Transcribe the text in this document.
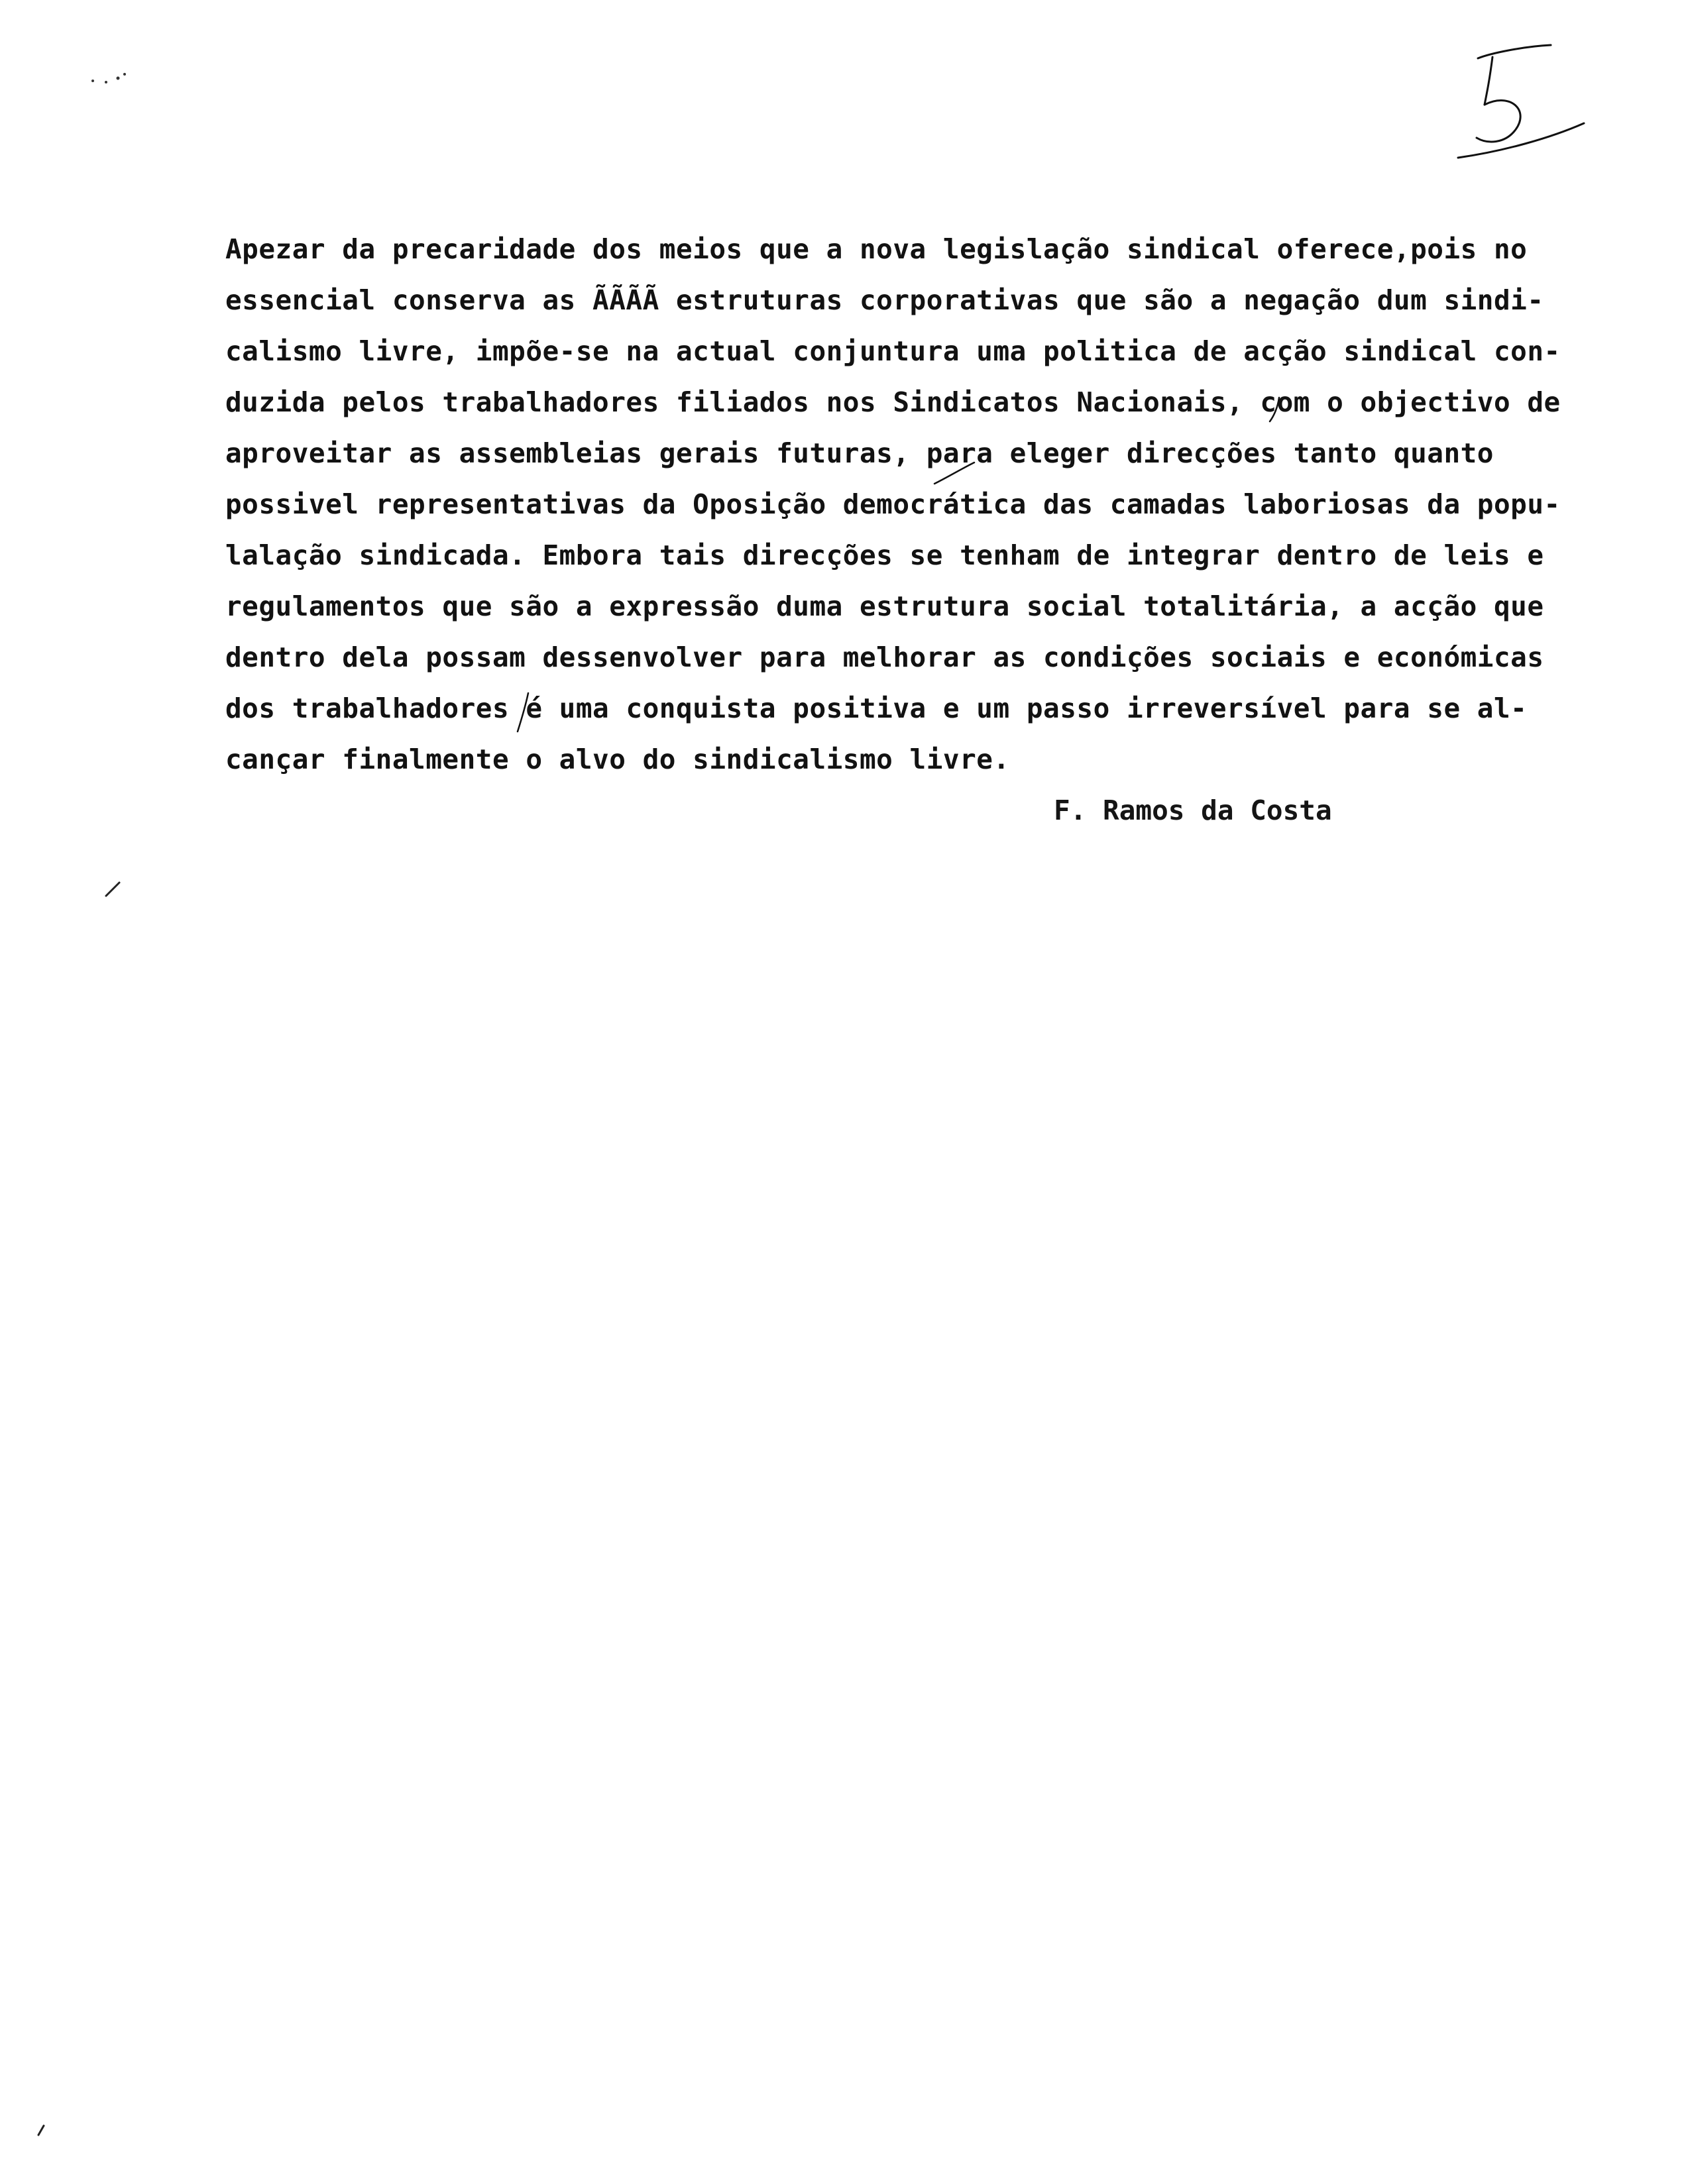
Apezar da precaridade dos meios que a nova legislação sindical oferece,pois no
essencial conserva as ÃÃÃÃ estruturas corporativas que são a negação dum sindi-
calismo livre, impõe-se na actual conjuntura uma politica de acção sindical con-
duzida pelos trabalhadores filiados nos Sindicatos Nacionais, com o objectivo de
aproveitar as assembleias gerais futuras, para eleger direcções tanto quanto
possivel representativas da Oposição democrática das camadas laboriosas da popu-
lalação sindicada. Embora tais direcções se tenham de integrar dentro de leis e
regulamentos que são a expressão duma estrutura social totalitária, a acção que
dentro dela possam dessenvolver para melhorar as condições sociais e económicas
dos trabalhadores é uma conquista positiva e um passo irreversível para se al-
cançar finalmente o alvo do sindicalismo livre.
F. Ramos da Costa
